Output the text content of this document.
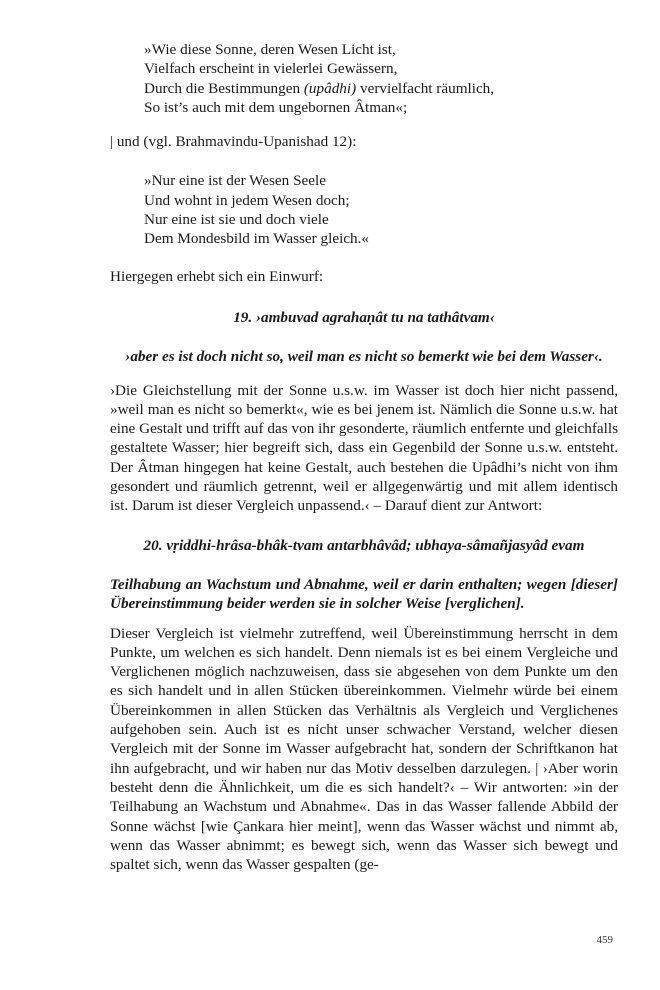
»Wie diese Sonne, deren Wesen Licht ist,
Vielfach erscheint in vielerlei Gewässern,
Durch die Bestimmungen (upâdhi) vervielfacht räumlich,
So ist’s auch mit dem ungebornen Âtman«;

| und (vgl. Brahmavindu-Upanishad 12):

»Nur eine ist der Wesen Seele
Und wohnt in jedem Wesen doch;
Nur eine ist sie und doch viele
Dem Mondesbild im Wasser gleich.«

Hiergegen erhebt sich ein Einwurf:

19. ›ambuvad agrahaṇât tu na tathâtvam‹

›aber es ist doch nicht so, weil man es nicht so bemerkt wie bei dem Wasser‹.

›Die Gleichstellung mit der Sonne u.s.w. im Wasser ist doch hier nicht passend, »weil man es nicht so bemerkt«, wie es bei jenem ist. Nämlich die Sonne u.s.w. hat eine Gestalt und trifft auf das von ihr gesonderte, räumlich entfernte und gleichfalls gestaltete Wasser; hier begreift sich, dass ein Gegenbild der Sonne u.s.w. entsteht. Der Âtman hingegen hat keine Gestalt, auch bestehen die Upâdhi’s nicht von ihm gesondert und räumlich getrennt, weil er allgegenwärtig und mit allem identisch ist. Darum ist dieser Vergleich unpassend.‹ – Darauf dient zur Antwort:

20. vṛiddhi-hrâsa-bhâk-tvam antarbhâvâd; ubhaya-sâmañjasyâd evam

Teilhabung an Wachstum und Abnahme, weil er darin enthalten; wegen [dieser] Übereinstimmung beider werden sie in solcher Weise [verglichen].

Dieser Vergleich ist vielmehr zutreffend, weil Übereinstimmung herrscht in dem Punkte, um welchen es sich handelt. Denn niemals ist es bei einem Vergleiche und Verglichenen möglich nachzuweisen, dass sie abgesehen von dem Punkte um den es sich handelt und in allen Stücken übereinkommen. Vielmehr würde bei einem Übereinkommen in allen Stücken das Verhältnis als Vergleich und Verglichenes aufgehoben sein. Auch ist es nicht unser schwacher Verstand, welcher diesen Vergleich mit der Sonne im Wasser aufgebracht hat, sondern der Schriftkanon hat ihn aufgebracht, und wir haben nur das Motiv desselben darzulegen. | ›Aber worin besteht denn die Ähnlichkeit, um die es sich handelt?‹ – Wir antworten: »in der Teilhabung an Wachstum und Abnahme«. Das in das Wasser fallende Abbild der Sonne wächst [wie Çankara hier meint], wenn das Wasser wächst und nimmt ab, wenn das Wasser abnimmt; es bewegt sich, wenn das Wasser sich bewegt und spaltet sich, wenn das Wasser gespalten (ge-

459
